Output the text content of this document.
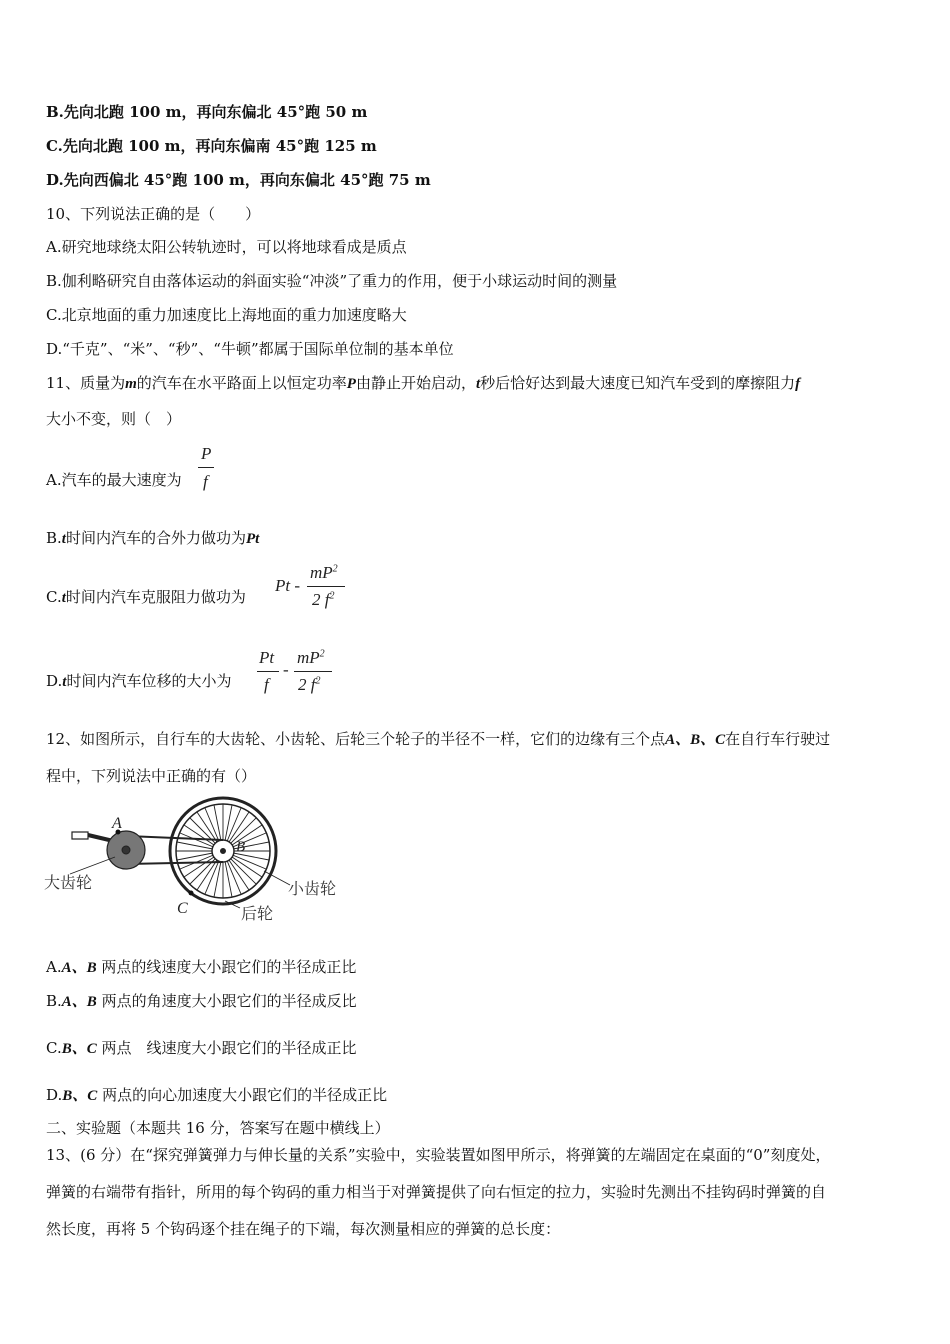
B.先向北跑 100 m，再向东偏北 45°跑 50 m
C.先向北跑 100 m，再向东偏南 45°跑 125 m
D.先向西偏北 45°跑 100 m，再向东偏北 45°跑 75 m
10、下列说法正确的是（　　）
A.研究地球绕太阳公转轨迹时，可以将地球看成是质点
B.伽利略研究自由落体运动的斜面实验“冲淡”了重力的作用，便于小球运动时间的测量
C.北京地面的重力加速度比上海地面的重力加速度略大
D.“千克”、“米”、“秒”、“牛顿”都属于国际单位制的基本单位
11、质量为m的汽车在水平路面上以恒定功率P由静止开始启动，t秒后恰好达到最大速度已知汽车受到的摩擦阻力f
大小不变，则（　）
A.汽车的最大速度为
P
f
B.t时间内汽车的合外力做功为Pt
C.t时间内汽车克服阻力做功为
Pt -
$mP^2$
2 $f^2$
D.t时间内汽车位移的大小为
Pt
f
-
$mP^2$
2 $f^2$
12、如图所示，自行车的大齿轮、小齿轮、后轮三个轮子的半径不一样，它们的边缘有三个点A、B、C在自行车行驶过
程中，下列说法中正确的有（）
A
B
C
大齿轮	小齿轮
后轮
A.A、B 两点的线速度大小跟它们的半径成正比
B.A、B 两点的角速度大小跟它们的半径成反比
C.B、C 两点　线速度大小跟它们的半径成正比
D.B、C 两点的向心加速度大小跟它们的半径成正比
二、实验题（本题共 16 分，答案写在题中横线上）
13、(6 分）在“探究弹簧弹力与伸长量的关系”实验中，实验装置如图甲所示，将弹簧的左端固定在桌面的“0”刻度处，
弹簧的右端带有指针，所用的每个钩码的重力相当于对弹簧提供了向右恒定的拉力，实验时先测出不挂钩码时弹簧的自
然长度，再将 5 个钩码逐个挂在绳子的下端，每次测量相应的弹簧的总长度：
